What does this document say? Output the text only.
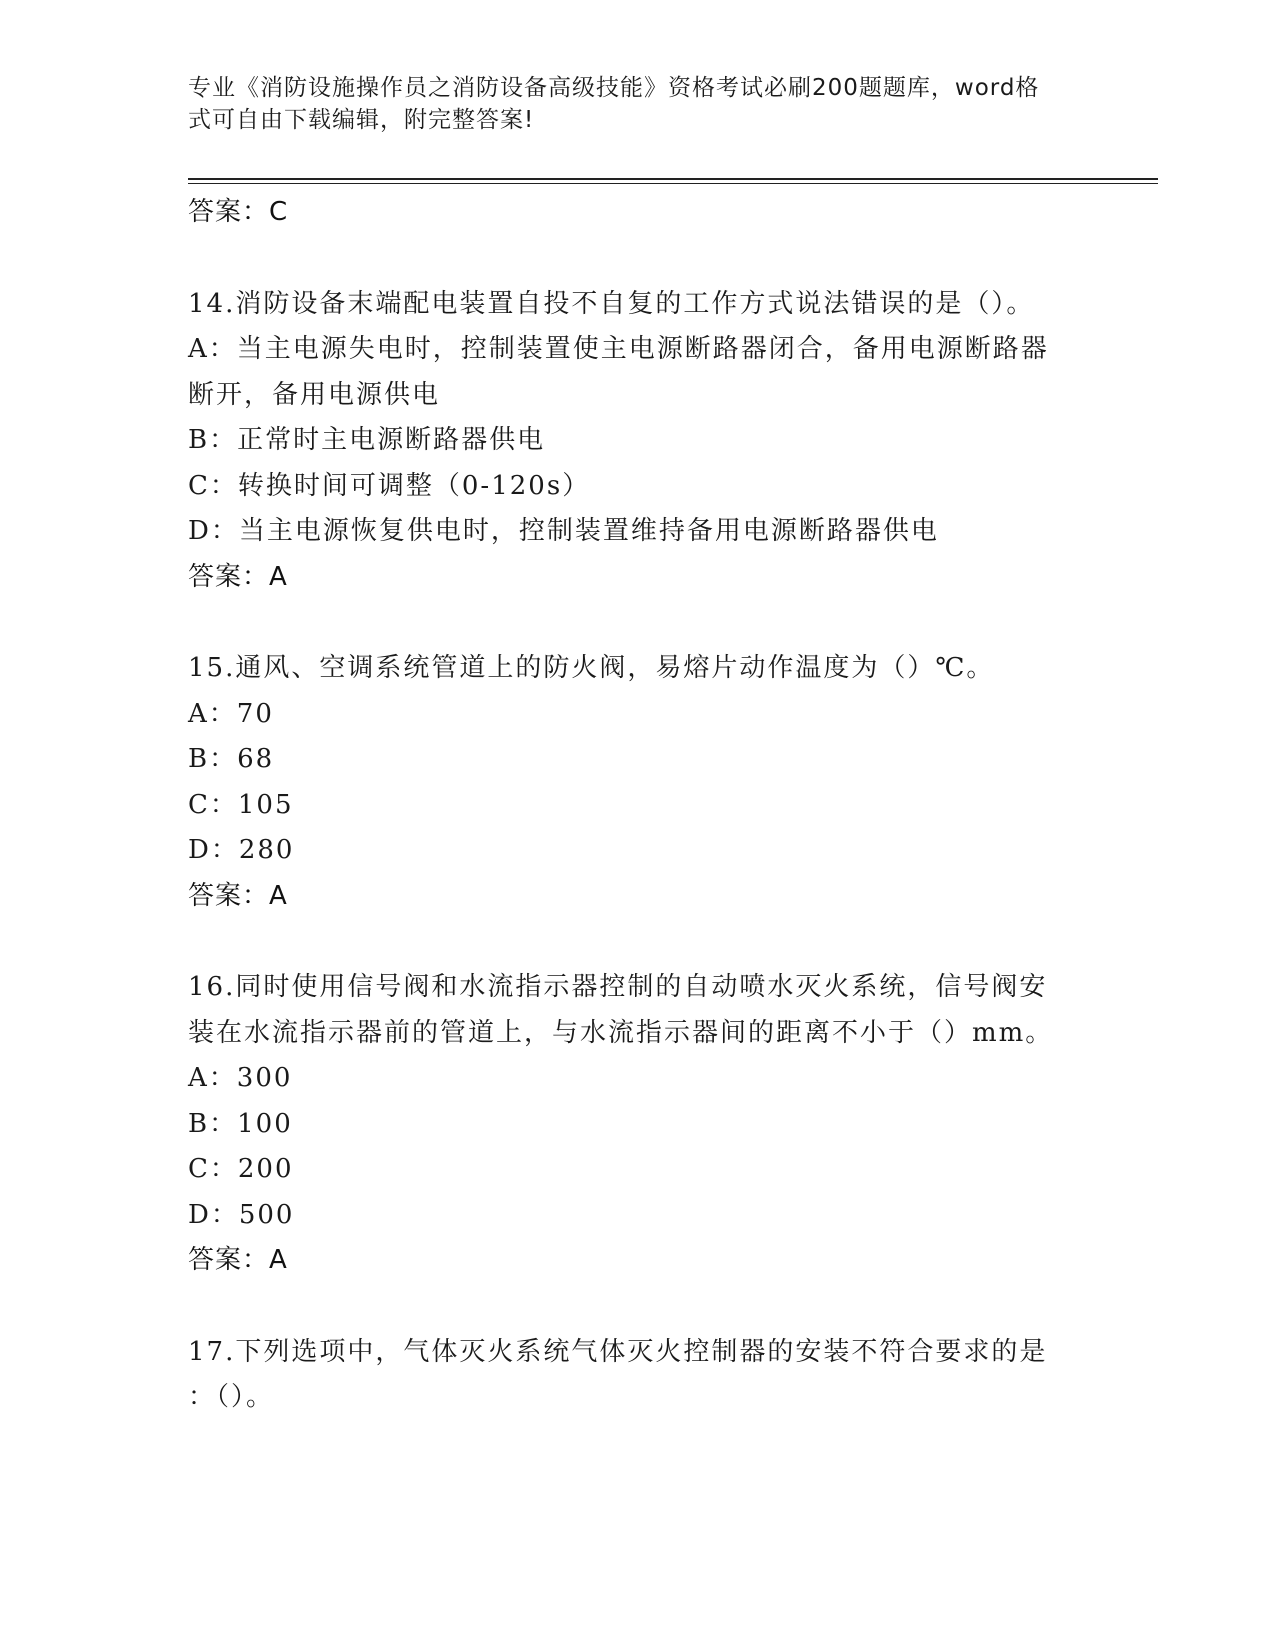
专业《消防设施操作员之消防设备高级技能》资格考试必刷200题题库，word格
式可自由下载编辑，附完整答案!
答案：C
14.消防设备末端配电装置自投不自复的工作方式说法错误的是（）。
A：当主电源失电时，控制装置使主电源断路器闭合，备用电源断路器
断开，备用电源供电
B：正常时主电源断路器供电
C：转换时间可调整（0-120s）
D：当主电源恢复供电时，控制装置维持备用电源断路器供电
答案：A
15.通风、空调系统管道上的防火阀，易熔片动作温度为（）℃。
A：70
B：68
C：105
D：280
答案：A
16.同时使用信号阀和水流指示器控制的自动喷水灭火系统，信号阀安
装在水流指示器前的管道上，与水流指示器间的距离不小于（）mm。
A：300
B：100
C：200
D：500
答案：A
17.下列选项中，气体灭火系统气体灭火控制器的安装不符合要求的是
：（）。
